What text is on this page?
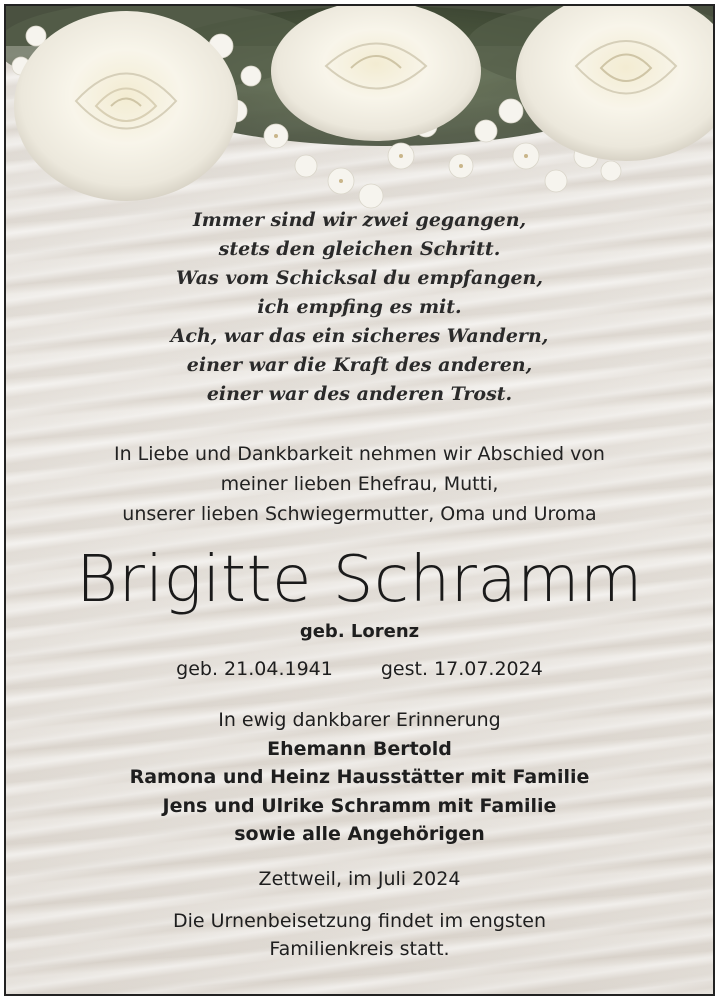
Immer sind wir zwei gegangen,
stets den gleichen Schritt.
Was vom Schicksal du empfangen,
ich empfing es mit.
Ach, war das ein sicheres Wandern,
einer war die Kraft des anderen,
einer war des anderen Trost.
In Liebe und Dankbarkeit nehmen wir Abschied von
meiner lieben Ehefrau, Mutti,
unserer lieben Schwiegermutter, Oma und Uroma
Brigitte Schramm
geb. Lorenz
geb. 21.04.1941	gest. 17.07.2024
In ewig dankbarer Erinnerung
Ehemann Bertold
Ramona und Heinz Hausstätter mit Familie
Jens und Ulrike Schramm mit Familie
sowie alle Angehörigen
Zettweil, im Juli 2024
Die Urnenbeisetzung findet im engsten
Familienkreis statt.
